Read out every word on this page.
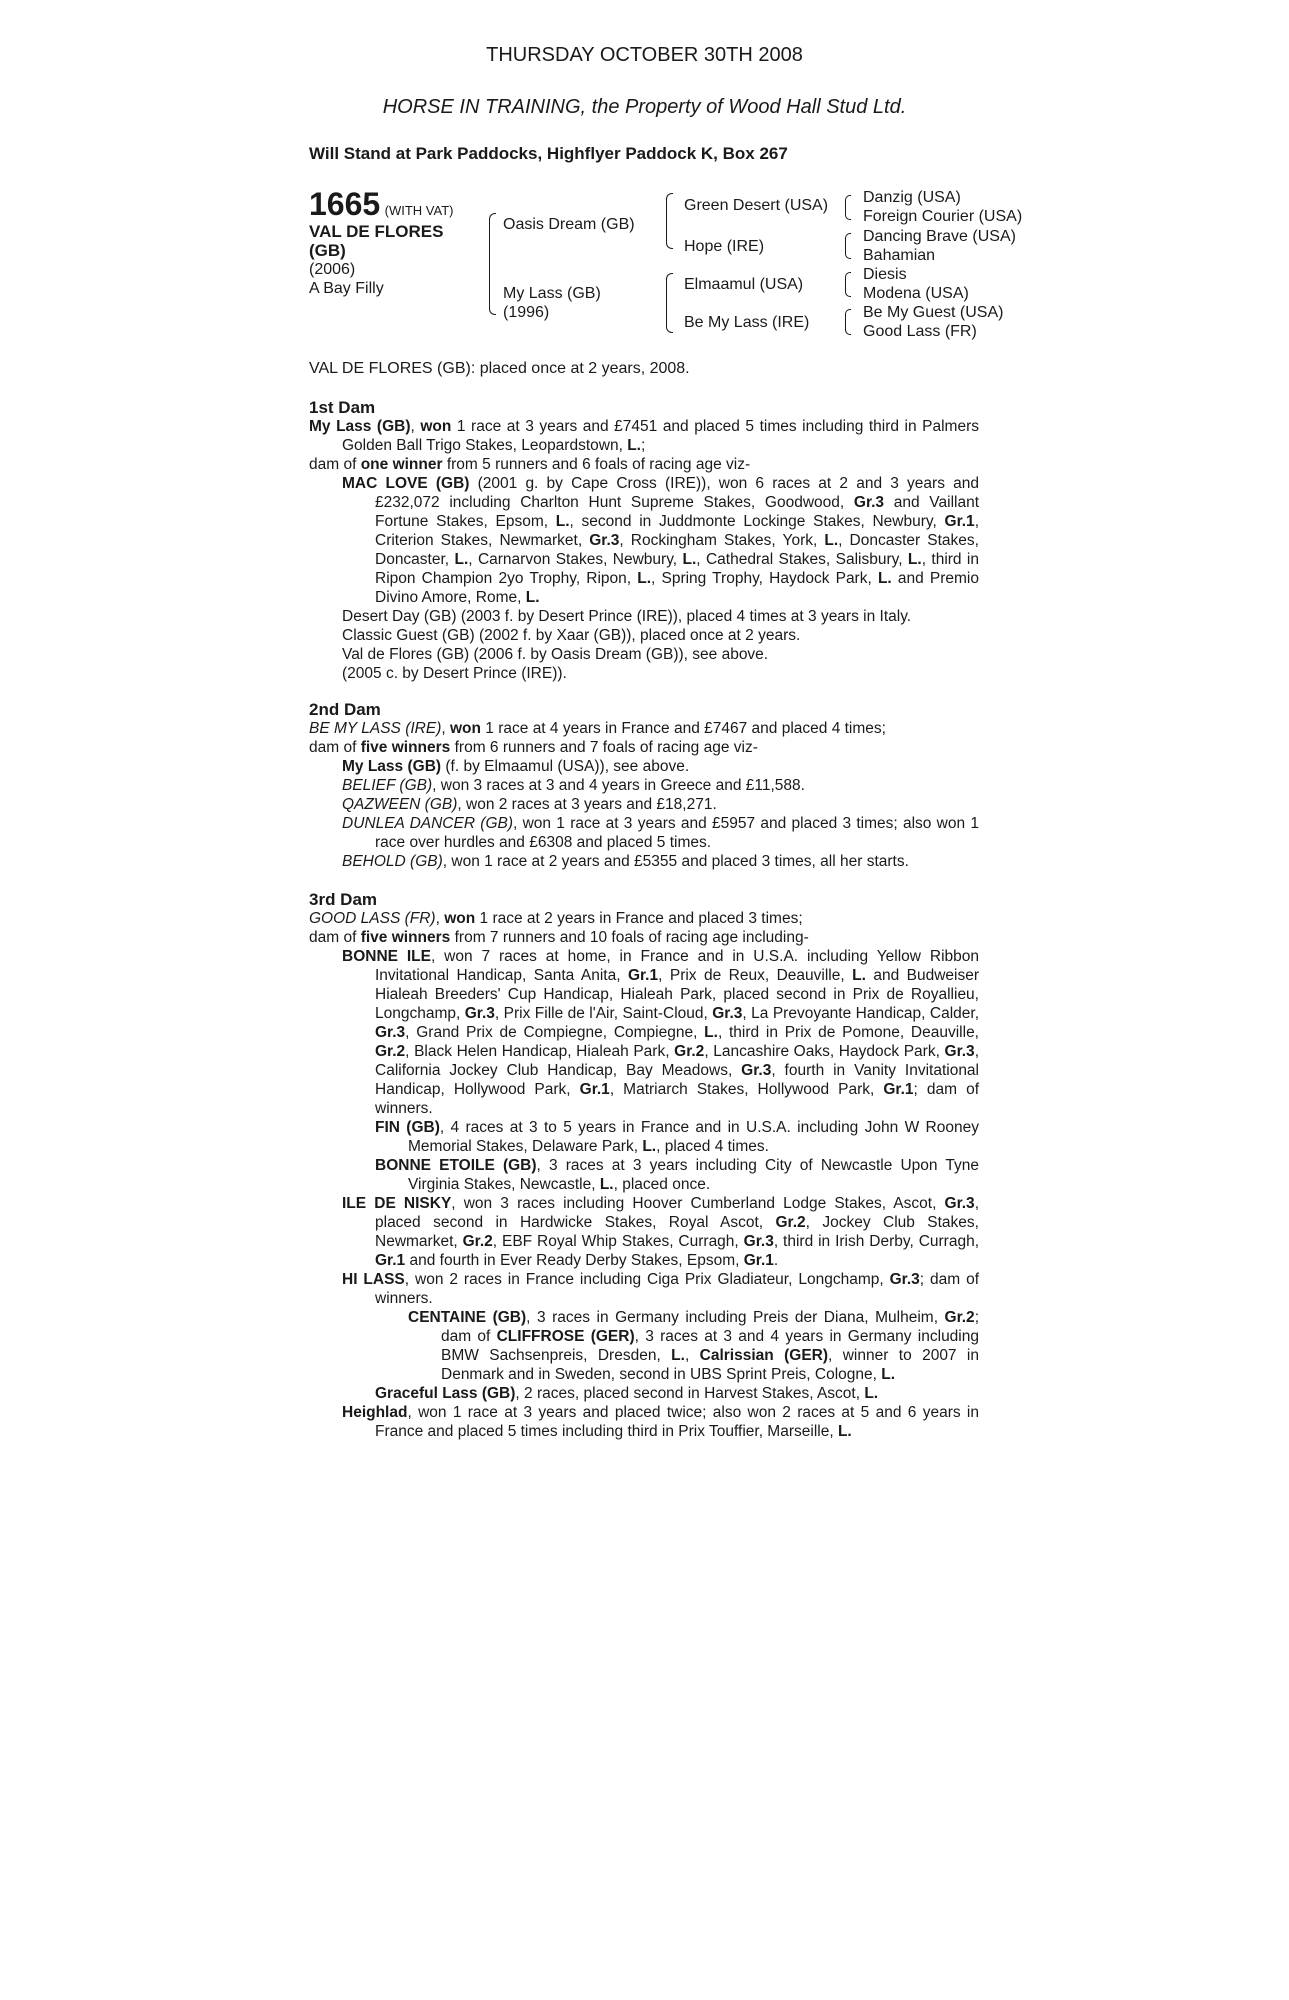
THURSDAY OCTOBER 30TH 2008
HORSE IN TRAINING, the Property of Wood Hall Stud Ltd.
Will Stand at Park Paddocks, Highflyer Paddock K, Box 267
1665 (WITH VAT)
VAL DE FLORES
(GB)
(2006)
A Bay Filly
Oasis Dream (GB)
My Lass (GB)
(1996)
Green Desert (USA)
Hope (IRE)
Elmaamul (USA)
Be My Lass (IRE)
Danzig (USA)
Foreign Courier (USA)
Dancing Brave (USA)
Bahamian
Diesis
Modena (USA)
Be My Guest (USA)
Good Lass (FR)
VAL DE FLORES (GB): placed once at 2 years, 2008.

1st Dam

My Lass (GB), won 1 race at 3 years and £7451 and placed 5 times including third in Palmers Golden Ball Trigo Stakes, Leopardstown, L.;

dam of one winner from 5 runners and 6 foals of racing age viz-

MAC LOVE (GB) (2001 g. by Cape Cross (IRE)), won 6 races at 2 and 3 years and £232,072 including Charlton Hunt Supreme Stakes, Goodwood, Gr.3 and Vaillant Fortune Stakes, Epsom, L., second in Juddmonte Lockinge Stakes, Newbury, Gr.1, Criterion Stakes, Newmarket, Gr.3, Rockingham Stakes, York, L., Doncaster Stakes, Doncaster, L., Carnarvon Stakes, Newbury, L., Cathedral Stakes, Salisbury, L., third in Ripon Champion 2yo Trophy, Ripon, L., Spring Trophy, Haydock Park, L. and Premio Divino Amore, Rome, L.

Desert Day (GB) (2003 f. by Desert Prince (IRE)), placed 4 times at 3 years in Italy.

Classic Guest (GB) (2002 f. by Xaar (GB)), placed once at 2 years.

Val de Flores (GB) (2006 f. by Oasis Dream (GB)), see above.

(2005 c. by Desert Prince (IRE)).

2nd Dam

BE MY LASS (IRE), won 1 race at 4 years in France and £7467 and placed 4 times;

dam of five winners from 6 runners and 7 foals of racing age viz-

My Lass (GB) (f. by Elmaamul (USA)), see above.

BELIEF (GB), won 3 races at 3 and 4 years in Greece and £11,588.

QAZWEEN (GB), won 2 races at 3 years and £18,271.

DUNLEA DANCER (GB), won 1 race at 3 years and £5957 and placed 3 times; also won 1 race over hurdles and £6308 and placed 5 times.

BEHOLD (GB), won 1 race at 2 years and £5355 and placed 3 times, all her starts.

3rd Dam

GOOD LASS (FR), won 1 race at 2 years in France and placed 3 times;

dam of five winners from 7 runners and 10 foals of racing age including-

BONNE ILE, won 7 races at home, in France and in U.S.A. including Yellow Ribbon Invitational Handicap, Santa Anita, Gr.1, Prix de Reux, Deauville, L. and Budweiser Hialeah Breeders' Cup Handicap, Hialeah Park, placed second in Prix de Royallieu, Longchamp, Gr.3, Prix Fille de l'Air, Saint-Cloud, Gr.3, La Prevoyante Handicap, Calder, Gr.3, Grand Prix de Compiegne, Compiegne, L., third in Prix de Pomone, Deauville, Gr.2, Black Helen Handicap, Hialeah Park, Gr.2, Lancashire Oaks, Haydock Park, Gr.3, California Jockey Club Handicap, Bay Meadows, Gr.3, fourth in Vanity Invitational Handicap, Hollywood Park, Gr.1, Matriarch Stakes, Hollywood Park, Gr.1; dam of winners.

FIN (GB), 4 races at 3 to 5 years in France and in U.S.A. including John W Rooney Memorial Stakes, Delaware Park, L., placed 4 times.

BONNE ETOILE (GB), 3 races at 3 years including City of Newcastle Upon Tyne Virginia Stakes, Newcastle, L., placed once.

ILE DE NISKY, won 3 races including Hoover Cumberland Lodge Stakes, Ascot, Gr.3, placed second in Hardwicke Stakes, Royal Ascot, Gr.2, Jockey Club Stakes, Newmarket, Gr.2, EBF Royal Whip Stakes, Curragh, Gr.3, third in Irish Derby, Curragh, Gr.1 and fourth in Ever Ready Derby Stakes, Epsom, Gr.1.

HI LASS, won 2 races in France including Ciga Prix Gladiateur, Longchamp, Gr.3; dam of winners.

CENTAINE (GB), 3 races in Germany including Preis der Diana, Mulheim, Gr.2; dam of CLIFFROSE (GER), 3 races at 3 and 4 years in Germany including BMW Sachsenpreis, Dresden, L., Calrissian (GER), winner to 2007 in Denmark and in Sweden, second in UBS Sprint Preis, Cologne, L.

Graceful Lass (GB), 2 races, placed second in Harvest Stakes, Ascot, L.

Heighlad, won 1 race at 3 years and placed twice; also won 2 races at 5 and 6 years in France and placed 5 times including third in Prix Touffier, Marseille, L.
